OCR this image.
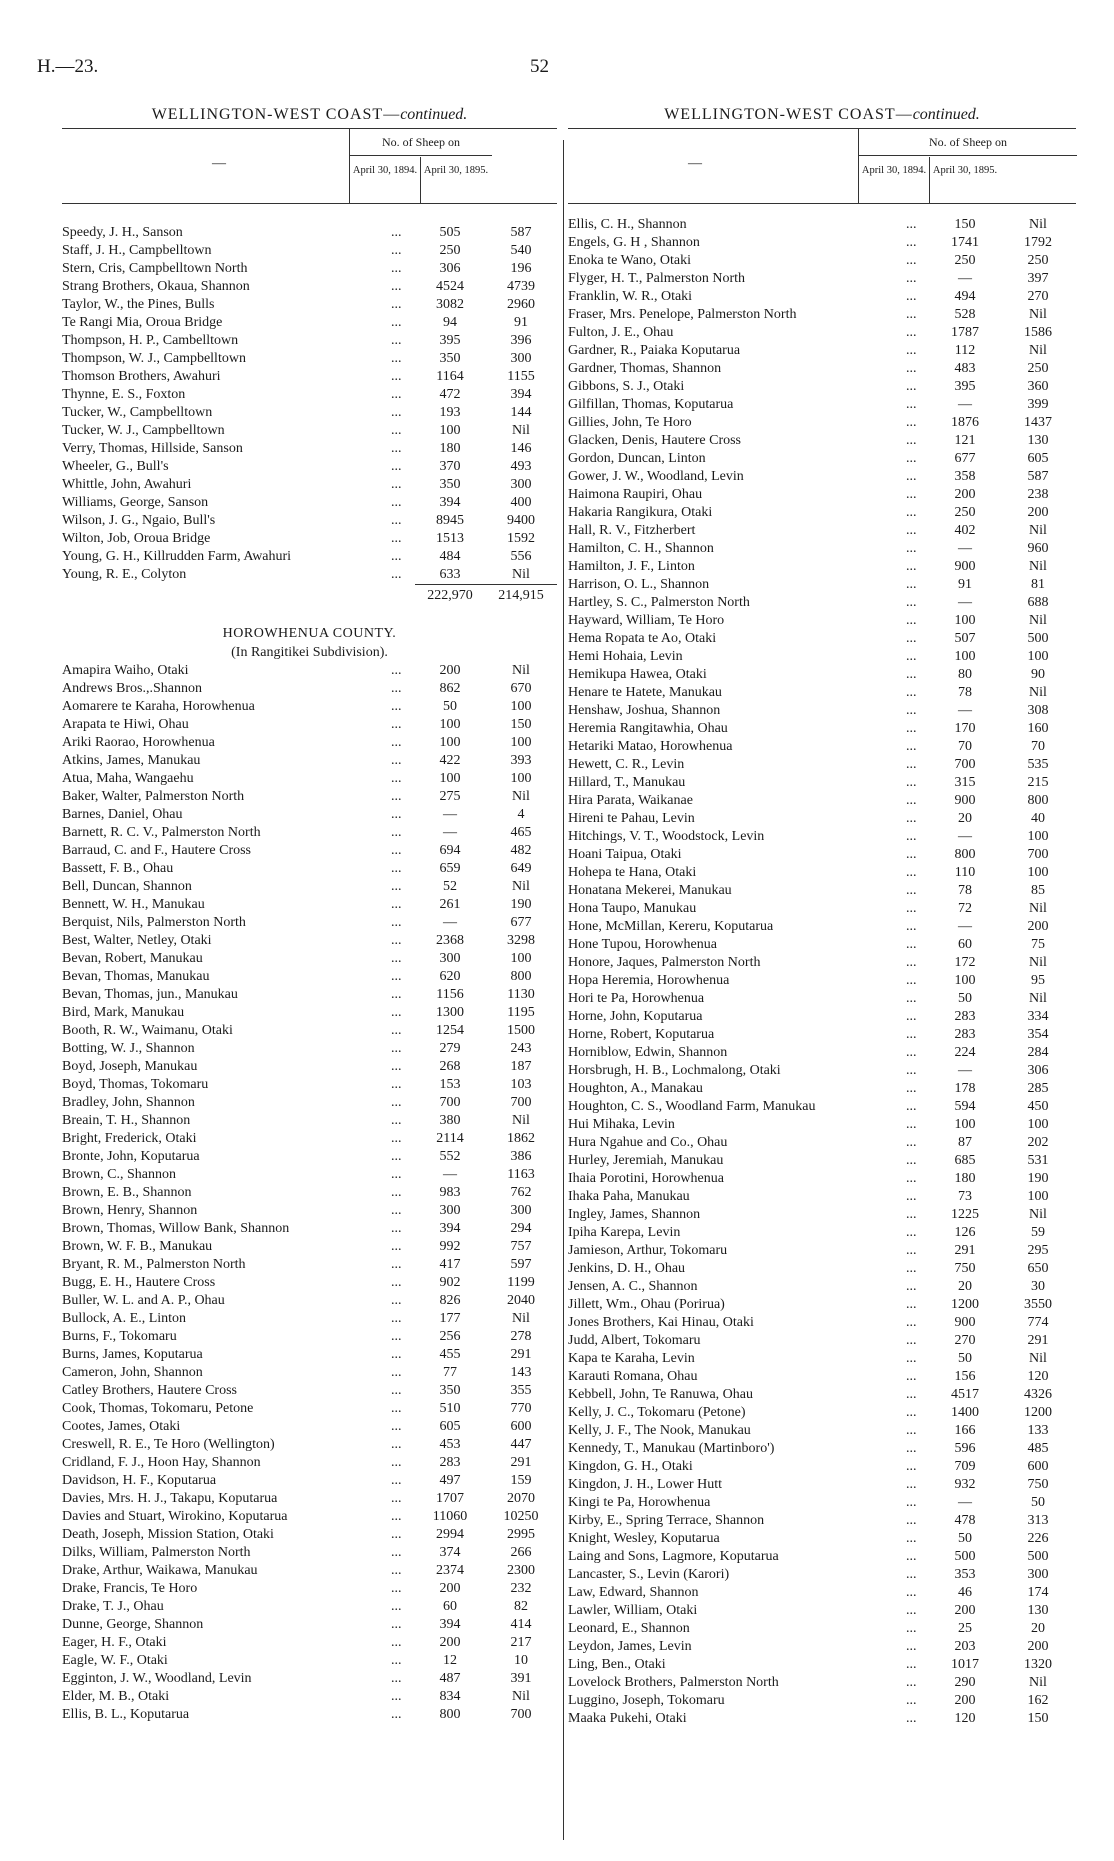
H.—23.	52
WELLINGTON-WEST COAST—continued.
—
No. of Sheep on
April 30, 1894. April 30, 1895.
Speedy, J. H., Sanson	...	505	587
Staff, J. H., Campbelltown	...	250	540
Stern, Cris, Campbelltown North	...	306	196
Strang Brothers, Okaua, Shannon	...	4524	4739
Taylor, W., the Pines, Bulls	...	3082	2960
Te Rangi Mia, Oroua Bridge	...	94	91
Thompson, H. P., Cambelltown	...	395	396
Thompson, W. J., Campbelltown	...	350	300
Thomson Brothers, Awahuri	...	1164	1155
Thynne, E. S., Foxton	...	472	394
Tucker, W., Campbelltown	...	193	144
Tucker, W. J., Campbelltown	...	100	Nil
Verry, Thomas, Hillside, Sanson	...	180	146
Wheeler, G., Bull's	...	370	493
Whittle, John, Awahuri	...	350	300
Williams, George, Sanson	...	394	400
Wilson, J. G., Ngaio, Bull's	...	8945	9400
Wilton, Job, Oroua Bridge	...	1513	1592
Young, G. H., Killrudden Farm, Awahuri	...	484	556
Young, R. E., Colyton	...	633	Nil
222,970	214,915
HOROWHENUA COUNTY.
(In Rangitikei Subdivision).
Amapira Waiho, Otaki	...	200	Nil
Andrews Bros.,.Shannon	...	862	670
Aomarere te Karaha, Horowhenua	...	50	100
Arapata te Hiwi, Ohau	...	100	150
Ariki Raorao, Horowhenua	...	100	100
Atkins, James, Manukau	...	422	393
Atua, Maha, Wangaehu	...	100	100
Baker, Walter, Palmerston North	...	275	Nil
Barnes, Daniel, Ohau	...	—	4
Barnett, R. C. V., Palmerston North	...	—	465
Barraud, C. and F., Hautere Cross	...	694	482
Bassett, F. B., Ohau	...	659	649
Bell, Duncan, Shannon	...	52	Nil
Bennett, W. H., Manukau	...	261	190
Berquist, Nils, Palmerston North	...	—	677
Best, Walter, Netley, Otaki	...	2368	3298
Bevan, Robert, Manukau	...	300	100
Bevan, Thomas, Manukau	...	620	800
Bevan, Thomas, jun., Manukau	...	1156	1130
Bird, Mark, Manukau	...	1300	1195
Booth, R. W., Waimanu, Otaki	...	1254	1500
Botting, W. J., Shannon	...	279	243
Boyd, Joseph, Manukau	...	268	187
Boyd, Thomas, Tokomaru	...	153	103
Bradley, John, Shannon	...	700	700
Breain, T. H., Shannon	...	380	Nil
Bright, Frederick, Otaki	...	2114	1862
Bronte, John, Koputarua	...	552	386
Brown, C., Shannon	...	—	1163
Brown, E. B., Shannon	...	983	762
Brown, Henry, Shannon	...	300	300
Brown, Thomas, Willow Bank, Shannon	...	394	294
Brown, W. F. B., Manukau	...	992	757
Bryant, R. M., Palmerston North	...	417	597
Bugg, E. H., Hautere Cross	...	902	1199
Buller, W. L. and A. P., Ohau	...	826	2040
Bullock, A. E., Linton	...	177	Nil
Burns, F., Tokomaru	...	256	278
Burns, James, Koputarua	...	455	291
Cameron, John, Shannon	...	77	143
Catley Brothers, Hautere Cross	...	350	355
Cook, Thomas, Tokomaru, Petone	...	510	770
Cootes, James, Otaki	...	605	600
Creswell, R. E., Te Horo (Wellington)	...	453	447
Cridland, F. J., Hoon Hay, Shannon	...	283	291
Davidson, H. F., Koputarua	...	497	159
Davies, Mrs. H. J., Takapu, Koputarua	...	1707	2070
Davies and Stuart, Wirokino, Koputarua	...	11060	10250
Death, Joseph, Mission Station, Otaki	...	2994	2995
Dilks, William, Palmerston North	...	374	266
Drake, Arthur, Waikawa, Manukau	...	2374	2300
Drake, Francis, Te Horo	...	200	232
Drake, T. J., Ohau	...	60	82
Dunne, George, Shannon	...	394	414
Eager, H. F., Otaki	...	200	217
Eagle, W. F., Otaki	...	12	10
Egginton, J. W., Woodland, Levin	...	487	391
Elder, M. B., Otaki	...	834	Nil
Ellis, B. L., Koputarua	...	800	700
WELLINGTON-WEST COAST—continued.
—
No. of Sheep on
April 30, 1894. April 30, 1895.
Ellis, C. H., Shannon	...	150	Nil
Engels, G. H , Shannon	...	1741	1792
Enoka te Wano, Otaki	...	250	250
Flyger, H. T., Palmerston North	...	—	397
Franklin, W. R., Otaki	...	494	270
Fraser, Mrs. Penelope, Palmerston North	...	528	Nil
Fulton, J. E., Ohau	...	1787	1586
Gardner, R., Paiaka Koputarua	...	112	Nil
Gardner, Thomas, Shannon	...	483	250
Gibbons, S. J., Otaki	...	395	360
Gilfillan, Thomas, Koputarua	...	—	399
Gillies, John, Te Horo	...	1876	1437
Glacken, Denis, Hautere Cross	...	121	130
Gordon, Duncan, Linton	...	677	605
Gower, J. W., Woodland, Levin	...	358	587
Haimona Raupiri, Ohau	...	200	238
Hakaria Rangikura, Otaki	...	250	200
Hall, R. V., Fitzherbert	...	402	Nil
Hamilton, C. H., Shannon	...	—	960
Hamilton, J. F., Linton	...	900	Nil
Harrison, O. L., Shannon	...	91	81
Hartley, S. C., Palmerston North	...	—	688
Hayward, William, Te Horo	...	100	Nil
Hema Ropata te Ao, Otaki	...	507	500
Hemi Hohaia, Levin	...	100	100
Hemikupa Hawea, Otaki	...	80	90
Henare te Hatete, Manukau	...	78	Nil
Henshaw, Joshua, Shannon	...	—	308
Heremia Rangitawhia, Ohau	...	170	160
Hetariki Matao, Horowhenua	...	70	70
Hewett, C. R., Levin	...	700	535
Hillard, T., Manukau	...	315	215
Hira Parata, Waikanae	...	900	800
Hireni te Pahau, Levin	...	20	40
Hitchings, V. T., Woodstock, Levin	...	—	100
Hoani Taipua, Otaki	...	800	700
Hohepa te Hana, Otaki	...	110	100
Honatana Mekerei, Manukau	...	78	85
Hona Taupo, Manukau	...	72	Nil
Hone, McMillan, Kereru, Koputarua	...	—	200
Hone Tupou, Horowhenua	...	60	75
Honore, Jaques, Palmerston North	...	172	Nil
Hopa Heremia, Horowhenua	...	100	95
Hori te Pa, Horowhenua	...	50	Nil
Horne, John, Koputarua	...	283	334
Horne, Robert, Koputarua	...	283	354
Horniblow, Edwin, Shannon	...	224	284
Horsbrugh, H. B., Lochmalong, Otaki	...	—	306
Houghton, A., Manakau	...	178	285
Houghton, C. S., Woodland Farm, Manukau	...	594	450
Hui Mihaka, Levin	...	100	100
Hura Ngahue and Co., Ohau	...	87	202
Hurley, Jeremiah, Manukau	...	685	531
Ihaia Porotini, Horowhenua	...	180	190
Ihaka Paha, Manukau	...	73	100
Ingley, James, Shannon	...	1225	Nil
Ipiha Karepa, Levin	...	126	59
Jamieson, Arthur, Tokomaru	...	291	295
Jenkins, D. H., Ohau	...	750	650
Jensen, A. C., Shannon	...	20	30
Jillett, Wm., Ohau (Porirua)	...	1200	3550
Jones Brothers, Kai Hinau, Otaki	...	900	774
Judd, Albert, Tokomaru	...	270	291
Kapa te Karaha, Levin	...	50	Nil
Karauti Romana, Ohau	...	156	120
Kebbell, John, Te Ranuwa, Ohau	...	4517	4326
Kelly, J. C., Tokomaru (Petone)	...	1400	1200
Kelly, J. F., The Nook, Manukau	...	166	133
Kennedy, T., Manukau (Martinboro')	...	596	485
Kingdon, G. H., Otaki	...	709	600
Kingdon, J. H., Lower Hutt	...	932	750
Kingi te Pa, Horowhenua	...	—	50
Kirby, E., Spring Terrace, Shannon	...	478	313
Knight, Wesley, Koputarua	...	50	226
Laing and Sons, Lagmore, Koputarua	...	500	500
Lancaster, S., Levin (Karori)	...	353	300
Law, Edward, Shannon	...	46	174
Lawler, William, Otaki	...	200	130
Leonard, E., Shannon	...	25	20
Leydon, James, Levin	...	203	200
Ling, Ben., Otaki	...	1017	1320
Lovelock Brothers, Palmerston North	...	290	Nil
Luggino, Joseph, Tokomaru	...	200	162
Maaka Pukehi, Otaki	...	120	150
